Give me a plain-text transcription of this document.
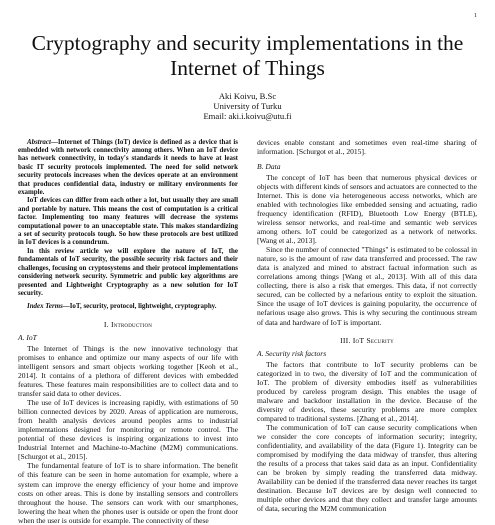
1
Cryptography and security implementations in the Internet of Things
Aki Koivu, B.Sc
University of Turku
Email: aki.i.koivu@utu.fi

Abstract—Internet of Things (IoT) device is defined as a device that is embedded with network connectivity among others. When an IoT device has network connectivity, in today's standards it needs to have at least basic IT security protocols implemented. The need for solid network security protocols increases when the devices operate at an environment that produces confidential data, industry or military environments for example.

IoT devices can differ from each other a lot, but usually they are small and portable by nature. This means the cost of computation is a critical factor. Implementing too many features will decrease the systems computational power to an unacceptable state. This makes standardizing a set of security protocols tough. So how these protocols are best utilized in IoT devices is a conundrum.

In this review article we will explore the nature of IoT, the fundamentals of IoT security, the possible security risk factors and their challenges, focusing on cryptosystems and their protocol implementations considering network security. Symmetric and public key algorithms are presented and Lightweight Cryptography as a new solution for IoT security.

Index Terms—IoT, security, protocol, lightweight, cryptography.

I. Introduction
A. IoT

The Internet of Things is the new innovative technology that promises to enhance and optimize our many aspects of our life with intelligent sensors and smart objects working together [Keoh et al., 2014]. It contains of a plethora of different devices with embedded features. These features main responsibilities are to collect data and to transfer said data to other devices.

The use of IoT devices is increasing rapidly, with estimations of 50 billion connected devices by 2020. Areas of application are numerous, from health analysis devices around peoples arms to industrial implementations designed for monitoring or remote control. The potential of these devices is inspiring organizations to invest into Industrial Internet and Machine-to-Machine (M2M) communications. [Schurgot et al., 2015].

The fundamental feature of IoT is to share information. The benefit of this feature can be seen in home automation for example, where a system can improve the energy efficiency of your home and improve costs on other areas. This is done by installing sensors and controllers throughout the house. The sensors can work with our smartphones, lowering the heat when the phones user is outside or open the front door when the user is outside for example. The connectivity of these

devices enable constant and sometimes even real-time sharing of information. [Schurgot et al., 2015].

B. Data

The concept of IoT has been that numerous physical devices or objects with different kinds of sensors and actuators are connected to the Internet. This is done via heterogeneous access networks, which are enabled with technologies like embedded sensing and actuating, radio frequency identification (RFID), Bluetooth Low Energy (BTLE), wireless sensor networks, and real-time and semantic web services among others. IoT could be categorized as a network of networks. [Wang et al., 2013].

Since the number of connected "Things" is estimated to be colossal in nature, so is the amount of raw data transferred and processed. The raw data is analyzed and mined to abstract factual information such as correlations among things [Wang et al., 2013]. With all of this data collecting, there is also a risk that emerges. This data, if not correctly secured, can be collected by a nefarious entity to exploit the situation. Since the usage of IoT devices is gaining popularity, the occurrence of nefarious usage also grows. This is why securing the continuous stream of data and hardware of IoT is important.

III. IoT Security
A. Security risk factors

The factors that contribute to IoT security problems can be categorized in to two, the diversity of IoT and the communication of IoT. The problem of diversity embodies itself as vulnerabilities produced by careless program design. This enables the usage of malware and backdoor installation in the device. Because of the diversity of devices, these security problems are more complex compared to traditional systems. [Zhang et al., 2014].

The communication of IoT can cause security complications when we consider the core concepts of information security; integrity, confidentiality, and availability of the data (Figure 1). Integrity can be compromised by modifying the data midway of transfer, thus altering the results of a process that takes said data as an input. Confidentiality can be broken by simply reading the transferred data midway. Availability can be denied if the transferred data never reaches its target destination. Because IoT devices are by design well connected to multiple other devices and that they collect and transfer large amounts of data, securing the M2M communication
